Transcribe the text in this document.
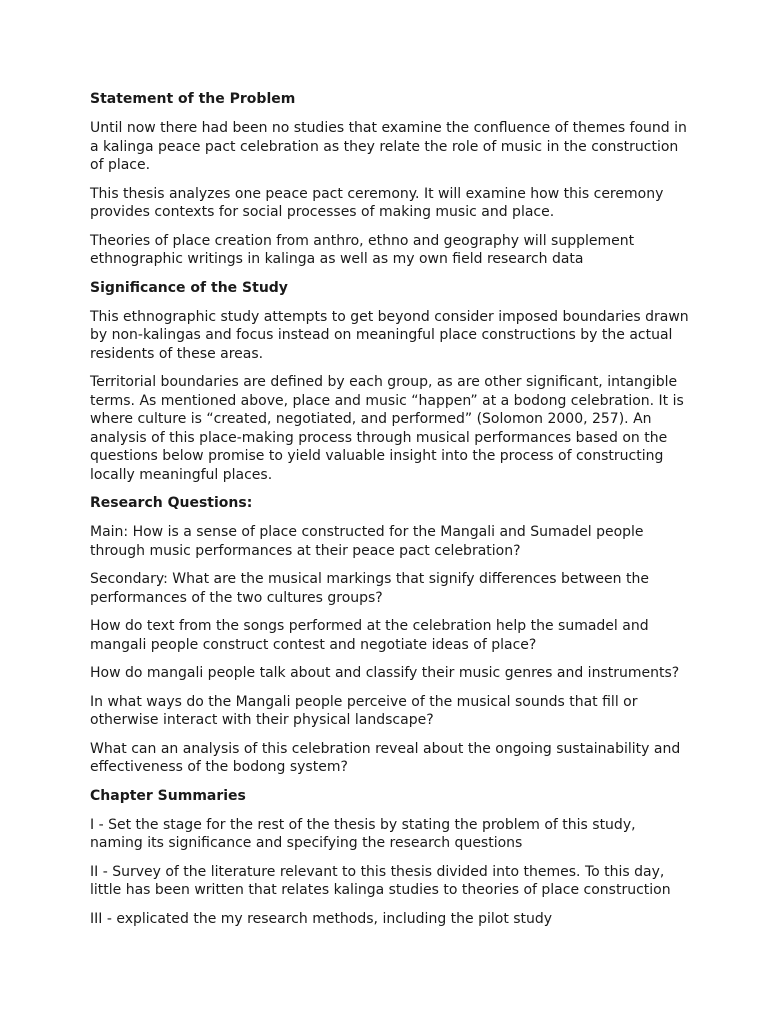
Statement of the Problem

Until now there had been no studies that examine the confluence of themes found in a kalinga peace pact celebration as they relate the role of music in the construction of place.

This thesis analyzes one peace pact ceremony. It will examine how this ceremony provides contexts for social processes of making music and place.

Theories of place creation from anthro, ethno and geography will supplement ethnographic writings in kalinga as well as my own field research data

Significance of the Study

This ethnographic study attempts to get beyond consider imposed boundaries drawn by non-kalingas and focus instead on meaningful place constructions by the actual residents of these areas.

Territorial boundaries are defined by each group, as are other significant, intangible terms. As mentioned above, place and music “happen” at a bodong celebration. It is where culture is “created, negotiated, and performed” (Solomon 2000, 257). An analysis of this place-making process through musical performances based on the questions below promise to yield valuable insight into the process of constructing locally meaningful places.

Research Questions:

Main: How is a sense of place constructed for the Mangali and Sumadel people through music performances at their peace pact celebration?

Secondary: What are the musical markings that signify differences between the performances of the two cultures groups?

How do text from the songs performed at the celebration help the sumadel and mangali people construct contest and negotiate ideas of place?

How do mangali people talk about and classify their music genres and instruments?

In what ways do the Mangali people perceive of the musical sounds that fill or otherwise interact with their physical landscape?

What can an analysis of this celebration reveal about the ongoing sustainability and effectiveness of the bodong system?

Chapter Summaries

I - Set the stage for the rest of the thesis by stating the problem of this study, naming its significance and specifying the research questions

II - Survey of the literature relevant to this thesis divided into themes. To this day, little has been written that relates kalinga studies to theories of place construction

III - explicated the my research methods, including the pilot study
